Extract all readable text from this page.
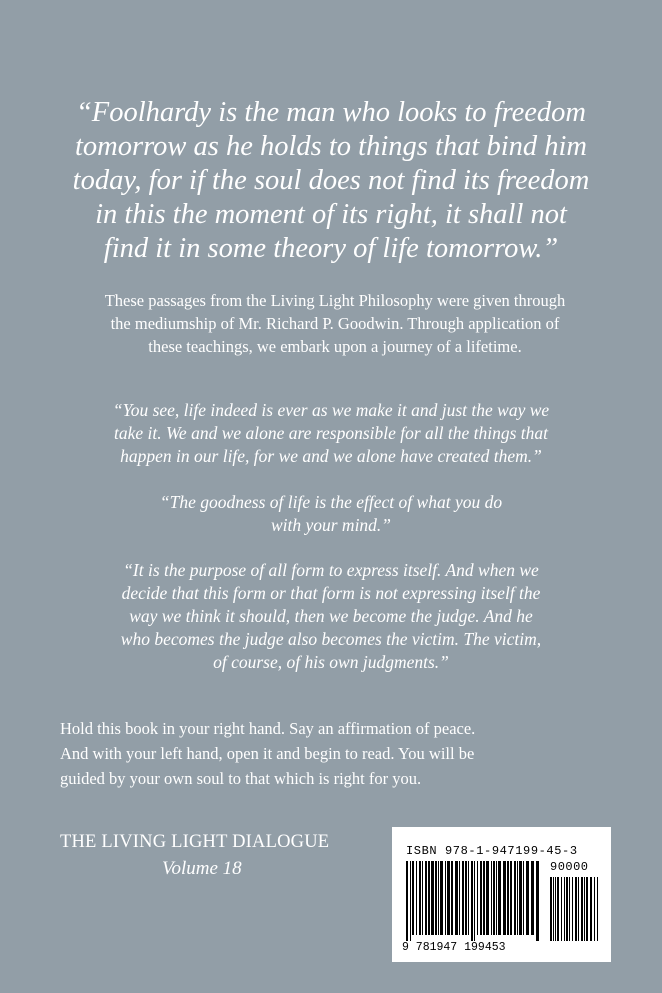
“Foolhardy is the man who looks to freedom
tomorrow as he holds to things that bind him
today, for if the soul does not find its freedom
in this the moment of its right, it shall not
find it in some theory of life tomorrow.”
These passages from the Living Light Philosophy were given through
the mediumship of Mr. Richard P. Goodwin. Through application of
these teachings, we embark upon a journey of a lifetime.
“You see, life indeed is ever as we make it and just the way we
take it. We and we alone are responsible for all the things that
happen in our life, for we and we alone have created them.”
“The goodness of life is the effect of what you do
with your mind.”
“It is the purpose of all form to express itself. And when we
decide that this form or that form is not expressing itself the
way we think it should, then we become the judge. And he
who becomes the judge also becomes the victim. The victim,
of course, of his own judgments.”
Hold this book in your right hand. Say an affirmation of peace.
And with your left hand, open it and begin to read. You will be
guided by your own soul to that which is right for you.
THE LIVING LIGHT DIALOGUE
Volume 18
ISBN 978-1-947199-45-3
90000
9 781947 199453
